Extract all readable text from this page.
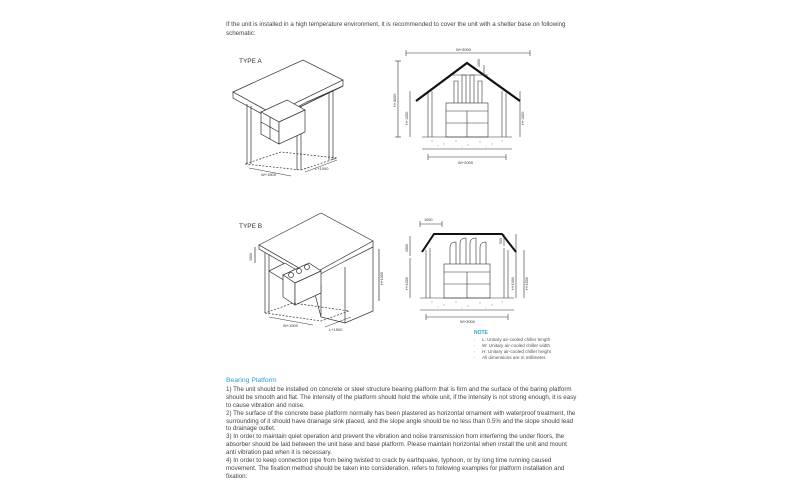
If the unit is installed in a high temperature environment, it is recommended to cover the unit with a shelter base on following schematic:

TYPE A
W+1500
L+1000
W+3000
1000
H+3000
H+1000	H+1000
W+2000
TYPE B
1500
H+1000
W+1500
L+1500
1000
1500
H+1000
500
H+1000	H+1500
W+3000
NOTE
·	L: Unitary air-cooled chiller length
·	W: Unitary air-cooled chiller width
·	H: Unitary air-cooled chiller height
·	All dimensions are in millimeter.
Bearing Platform

1) The unit should be installed on concrete or steel structure bearing platform that is firm and the surface of the baring platform should be smooth and flat. The intensity of the platform should hold the whole unit, if the intensity is not strong enough, it is easy to cause vibration and noise.

2) The surface of the concrete base platform normally has been plastered as horizontal ornament with waterproof treatment, the surrounding of it should have drainage sink placed, and the slope angle should be no less than 0.5% and the slope should lead to drainage outlet.

3) In order to maintain quiet operation and prevent the vibration and noise transmission from interfering the under floors, the absorber should be laid between the unit base and base platform. Please maintain horizontal when install the unit and mount anti vibration pad when it is necessary.

4) In order to keep connection pipe from being twisted to crack by earthquake, typhoon, or by long time running caused movement. The fixation method should be taken into consideration, refers to following examples for platform installation and fixation:
